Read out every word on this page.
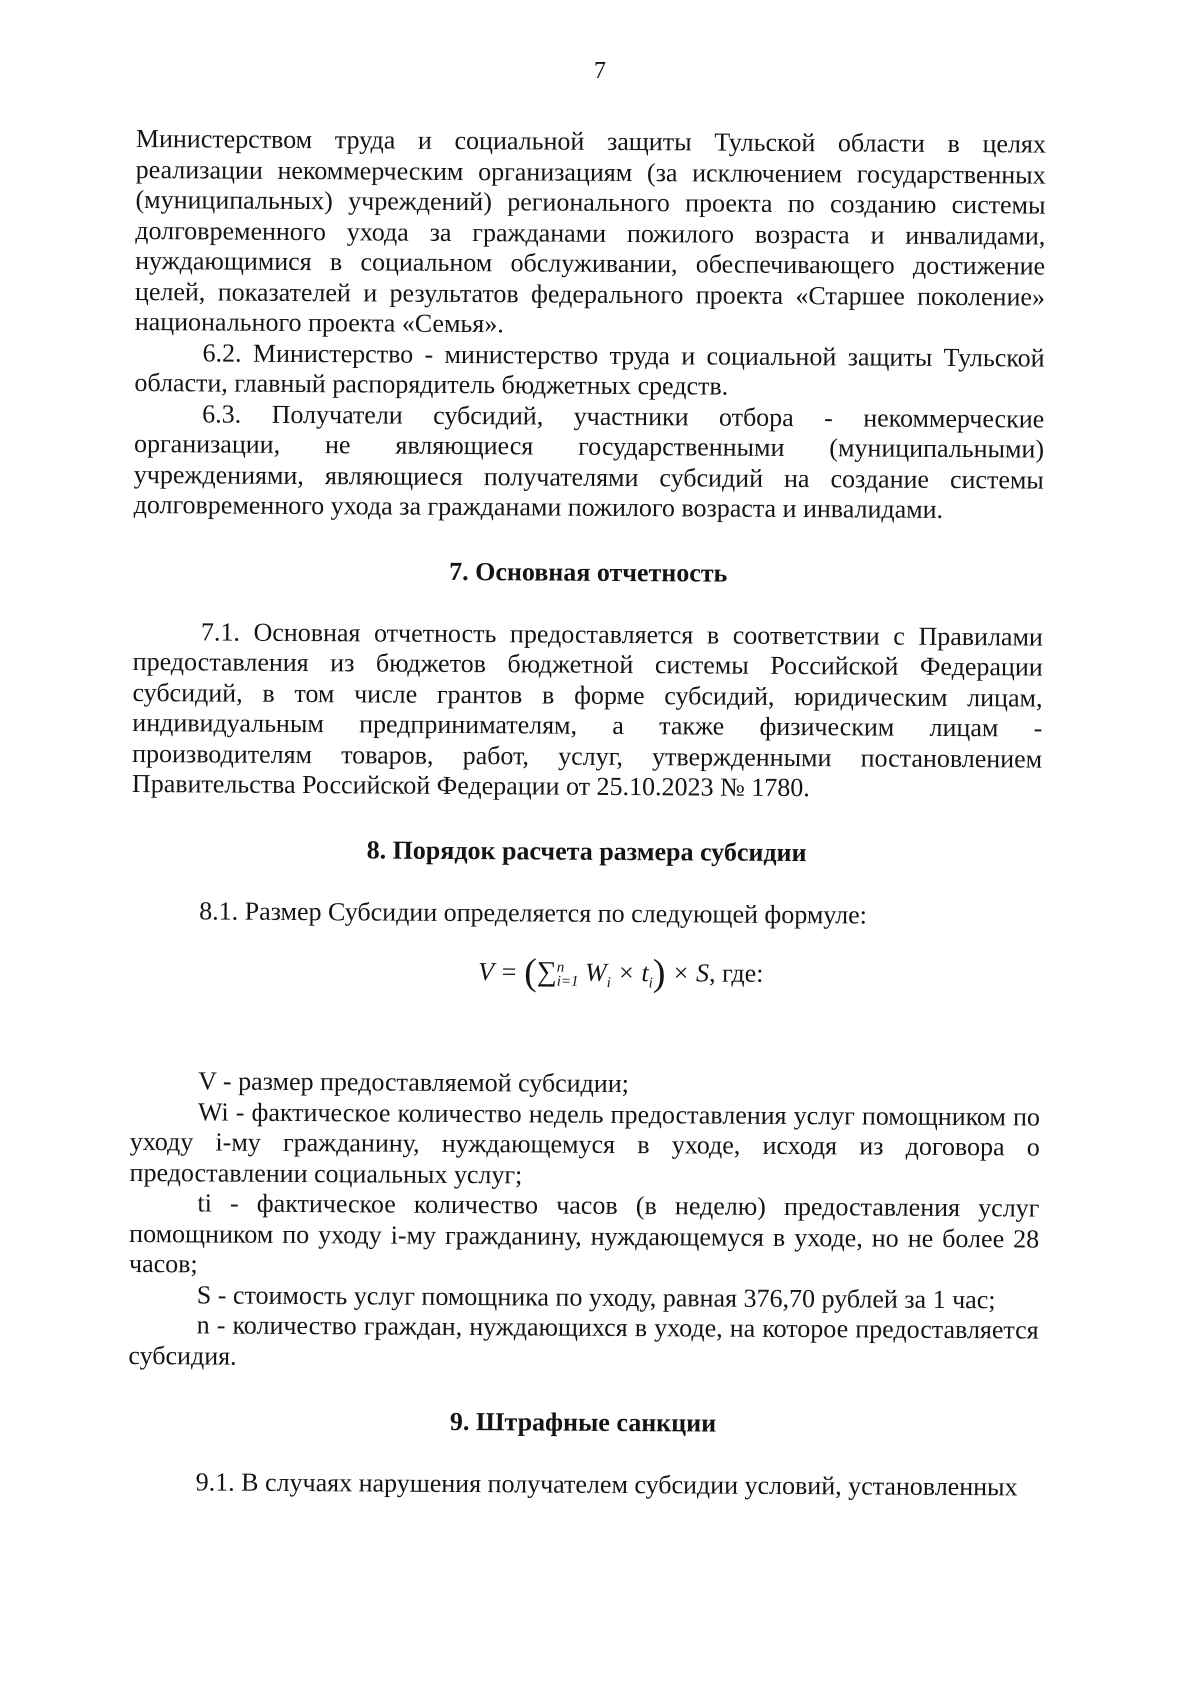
7

Министерством труда и социальной защиты Тульской области в целях реализации некоммерческим организациям (за исключением государственных (муниципальных) учреждений) регионального проекта по созданию системы долговременного ухода за гражданами пожилого возраста и инвалидами, нуждающимися в социальном обслуживании, обеспечивающего достижение целей, показателей и результатов федерального проекта «Старшее поколение» национального проекта «Семья».

6.2. Министерство - министерство труда и социальной защиты Тульской области, главный распорядитель бюджетных средств.

6.3. Получатели субсидий, участники отбора - некоммерческие организации, не являющиеся государственными (муниципальными) учреждениями, являющиеся получателями субсидий на создание системы долговременного ухода за гражданами пожилого возраста и инвалидами.

7. Основная отчетность

7.1. Основная отчетность предоставляется в соответствии с Правилами предоставления из бюджетов бюджетной системы Российской Федерации субсидий, в том числе грантов в форме субсидий, юридическим лицам, индивидуальным предпринимателям, а также физическим лицам - производителям товаров, работ, услуг, утвержденными постановлением Правительства Российской Федерации от 25.10.2023 № 1780.

8. Порядок расчета размера субсидии

8.1. Размер Субсидии определяется по следующей формуле:

V = (∑n
i=1 $W_i \times t_i) \times S$, где:

V - размер предоставляемой субсидии;

Wi - фактическое количество недель предоставления услуг помощником по уходу i-му гражданину, нуждающемуся в уходе, исходя из договора о предоставлении социальных услуг;

ti - фактическое количество часов (в неделю) предоставления услуг помощником по уходу i-му гражданину, нуждающемуся в уходе, но не более 28 часов;

S - стоимость услуг помощника по уходу, равная 376,70 рублей за 1 час;

n - количество граждан, нуждающихся в уходе, на которое предоставляется субсидия.

9. Штрафные санкции

9.1. В случаях нарушения получателем субсидии условий, установленных
